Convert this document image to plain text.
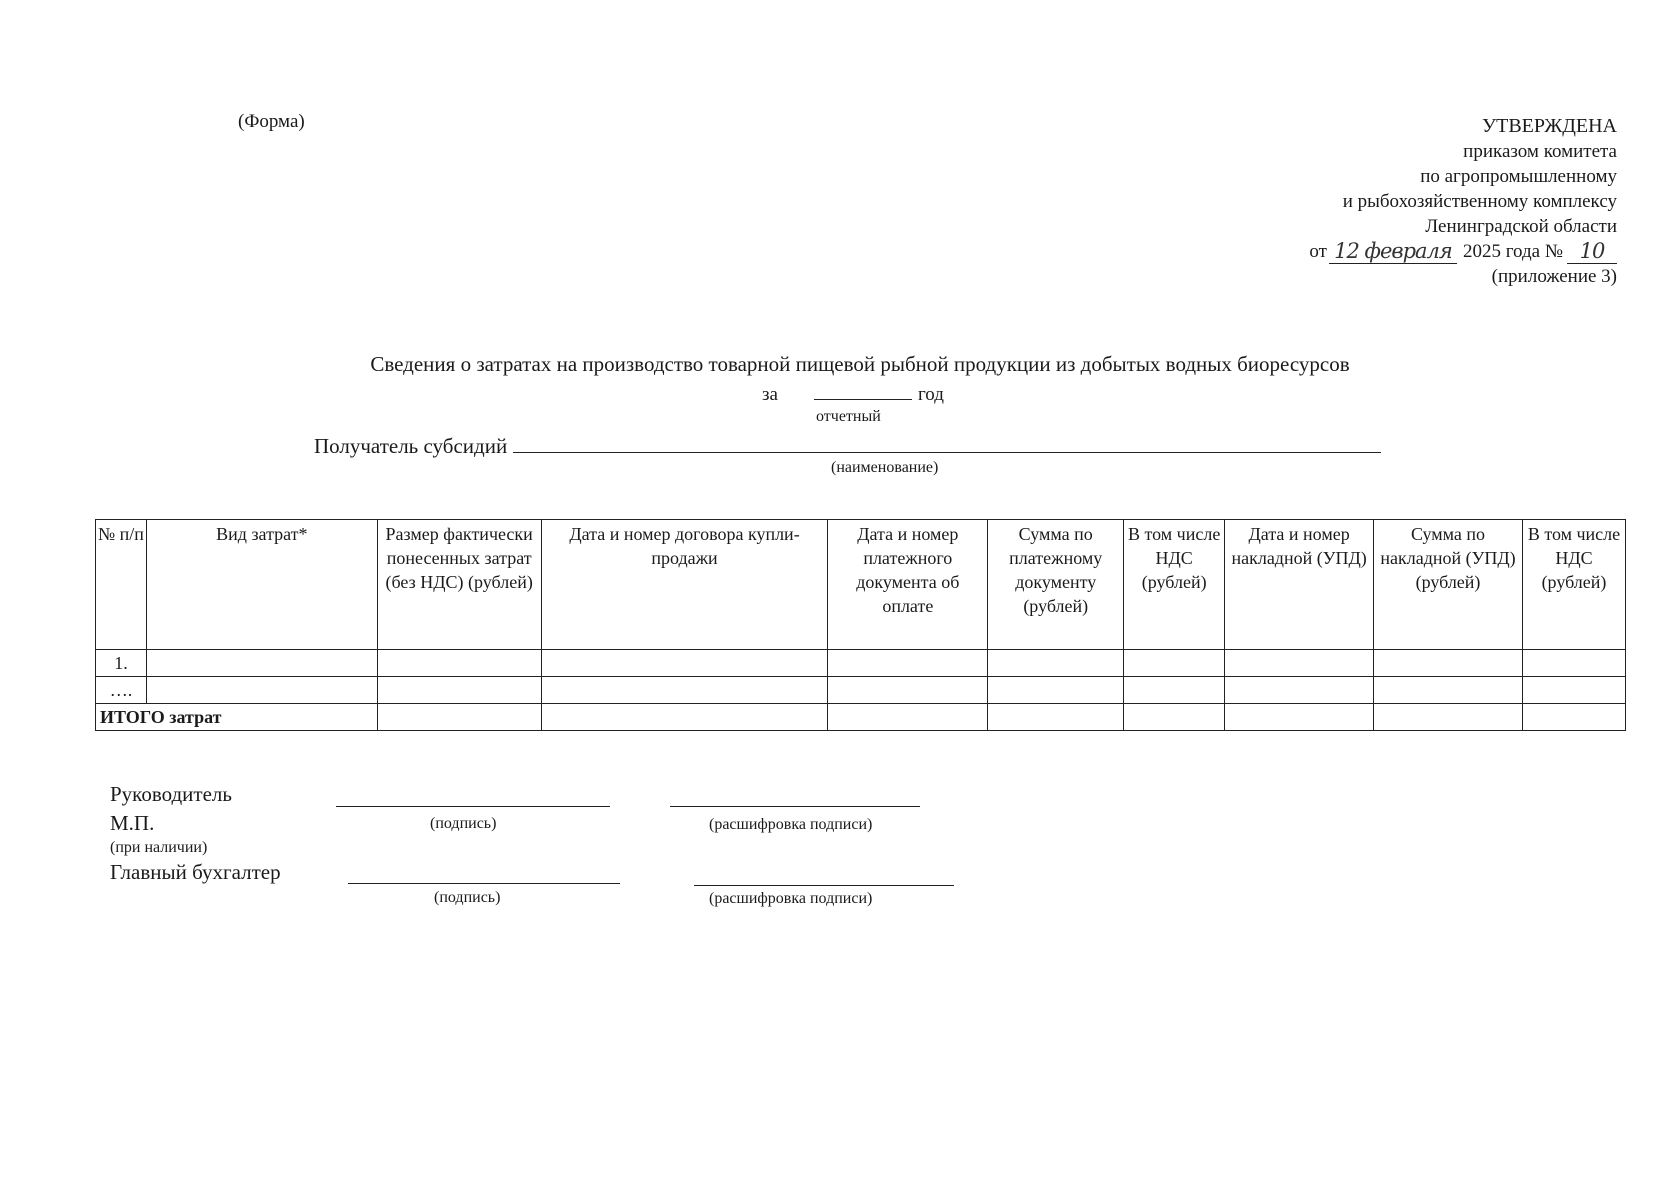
(Форма)	УТВЕРЖДЕНА
приказом комитета
по агропромышленному
и рыбохозяйственному комплексу
Ленинградской области
от 12 февраля 2025 года № 10
(приложение 3)
Сведения о затратах на производство товарной пищевой рыбной продукции из добытых водных биоресурсов
за	год
отчетный
Получатель субсидий
(наименование)
№ п/п	Вид затрат*	Размер фактически понесенных затрат (без НДС) (рублей)	Дата и номер договора купли-продажи	Дата и номер платежного документа об оплате	Сумма по платежному документу (рублей)	В том числе НДС (рублей)	Дата и номер накладной (УПД)	Сумма по накладной (УПД) (рублей)	В том числе НДС (рублей)
1.									
….									
ИТОГО затрат									
Руководитель
М.П.	(подпись)	(расшифровка подписи)
(при наличии)
Главный бухгалтер
(подпись)	(расшифровка подписи)
